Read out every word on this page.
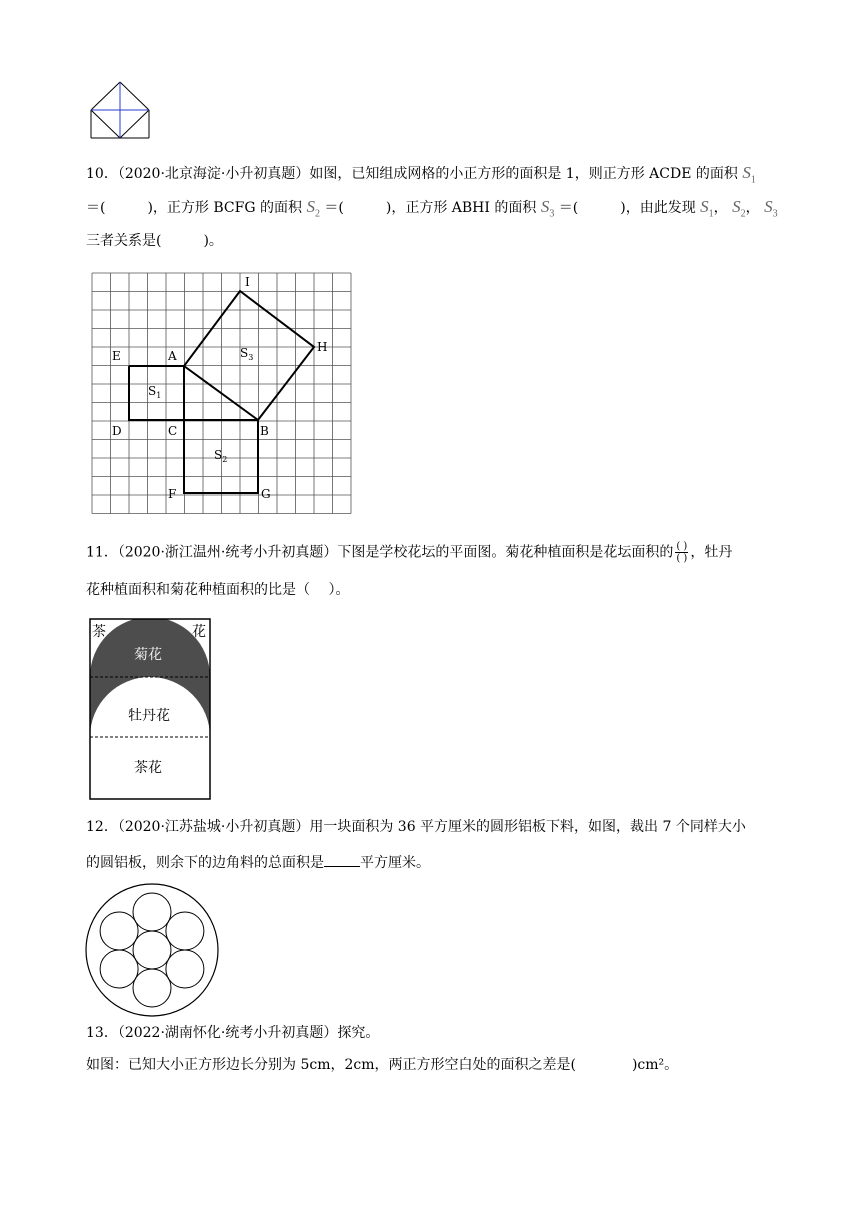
10．（2020·北京海淀·小升初真题）如图，已知组成网格的小正方形的面积是 1，则正方形 ACDE 的面积 $S_1$
＝(　　　)，正方形 BCFG 的面积 $S_2$ ＝(　　　)，正方形 ABHI 的面积 $S_3$ ＝(　　　)，由此发现 $S_1$， $S_2$， $S_3$
三者关系是(　　　)。
I
H
E	A
D	C	B
F	G
$S_1$
$S_2$
$S_3$
11．（2020·浙江温州·统考小升初真题）下图是学校花坛的平面图。菊花种植面积是花坛面积的 $\frac{( )}{( )}$ ，牡丹
花种植面积和菊花种植面积的比是（　 ）。
茶	花
菊花
牡丹花
茶花
12．（2020·江苏盐城·小升初真题）用一块面积为 36 平方厘米的圆形铝板下料，如图，裁出 7 个同样大小
的圆铝板，则余下的边角料的总面积是	平方厘米。
13．（2022·湖南怀化·统考小升初真题）探究。
如图：已知大小正方形边长分别为 5cm，2cm，两正方形空白处的面积之差是(　　　　)cm²。
